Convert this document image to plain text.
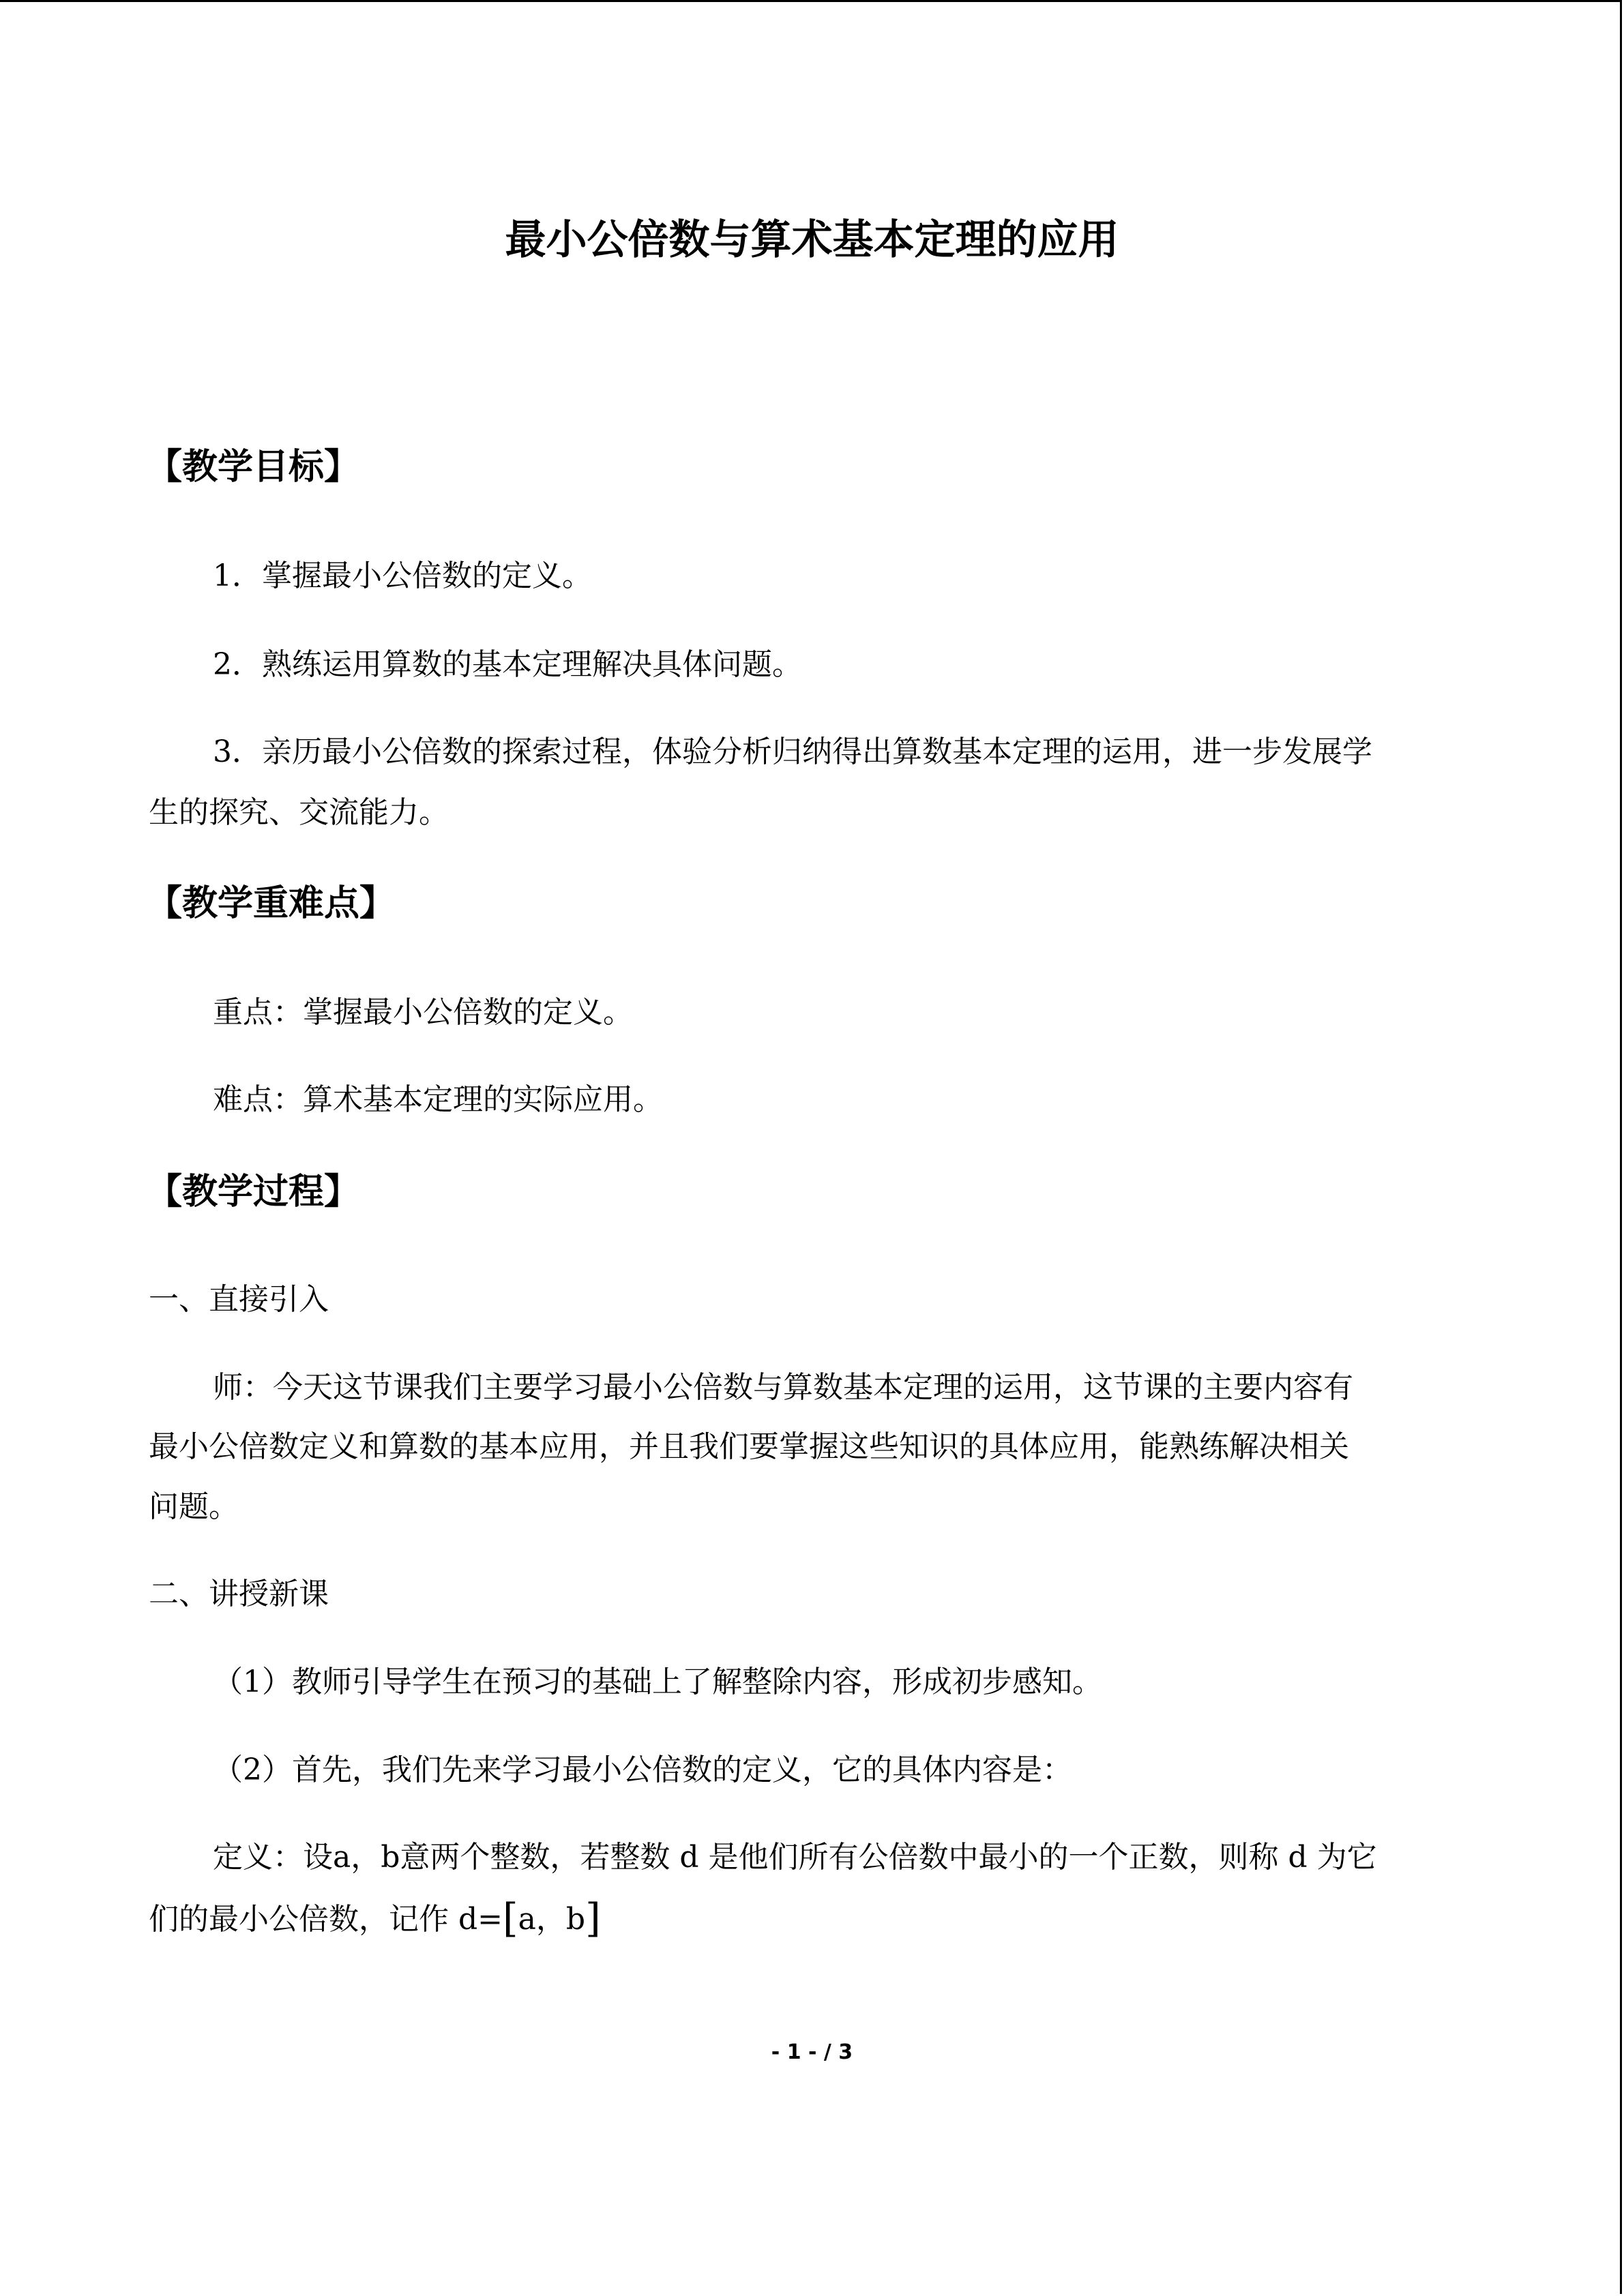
最小公倍数与算术基本定理的应用
【教学目标】
1．掌握最小公倍数的定义。
2．熟练运用算数的基本定理解决具体问题。
3．亲历最小公倍数的探索过程，体验分析归纳得出算数基本定理的运用，进一步发展学
生的探究、交流能力。
【教学重难点】
重点：掌握最小公倍数的定义。
难点：算术基本定理的实际应用。
【教学过程】
一、直接引入
师：今天这节课我们主要学习最小公倍数与算数基本定理的运用，这节课的主要内容有
最小公倍数定义和算数的基本应用，并且我们要掌握这些知识的具体应用，能熟练解决相关
问题。
二、讲授新课
（1）教师引导学生在预习的基础上了解整除内容，形成初步感知。
（2）首先，我们先来学习最小公倍数的定义，它的具体内容是：
定义：设a，b意两个整数，若整数 d 是他们所有公倍数中最小的一个正数，则称 d 为它
们的最小公倍数，记作 d=[a，b]
- 1 - / 3
